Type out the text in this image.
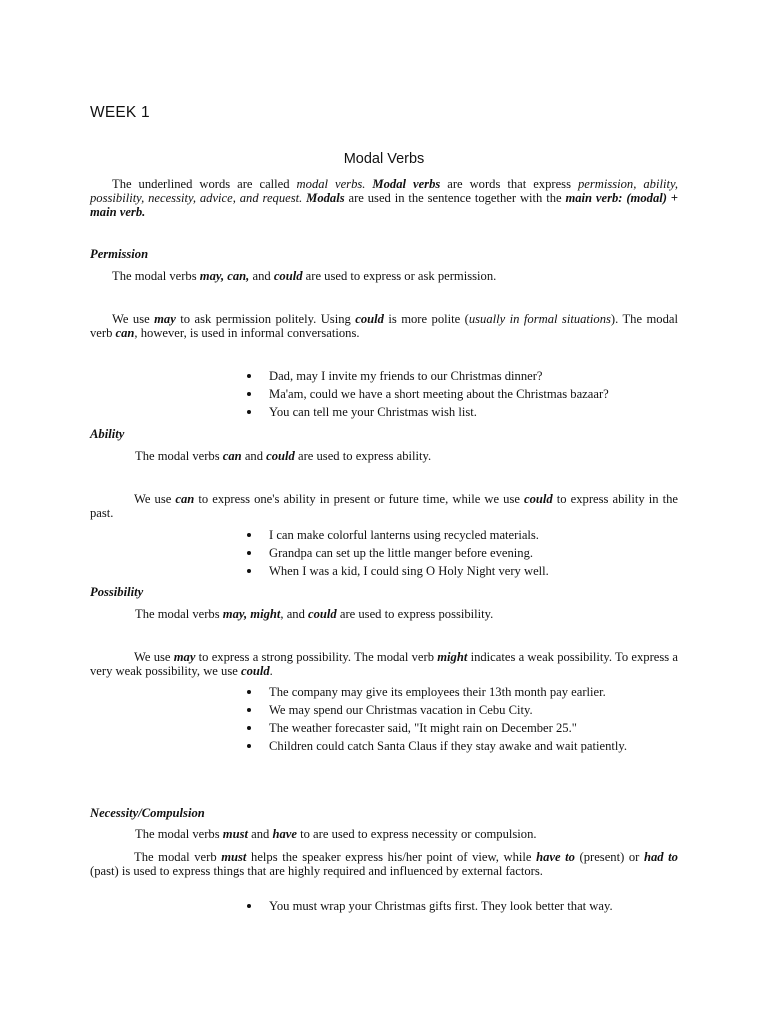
WEEK 1
Modal Verbs

The underlined words are called modal verbs. Modal verbs are words that express permission, ability, possibility, necessity, advice, and request. Modals are used in the sentence together with the main verb: (modal) + main verb.

Permission

The modal verbs may, can, and could are used to express or ask permission.

We use may to ask permission politely. Using could is more polite (usually in formal situations). The modal verb can, however, is used in informal conversations.

Dad, may I invite my friends to our Christmas dinner?
Ma'am, could we have a short meeting about the Christmas bazaar?
You can tell me your Christmas wish list.
Ability

The modal verbs can and could are used to express ability.

We use can to express one's ability in present or future time, while we use could to express ability in the past.

I can make colorful lanterns using recycled materials.
Grandpa can set up the little manger before evening.
When I was a kid, I could sing O Holy Night very well.
Possibility

The modal verbs may, might, and could are used to express possibility.

We use may to express a strong possibility. The modal verb might indicates a weak possibility. To express a very weak possibility, we use could.

The company may give its employees their 13th month pay earlier.
We may spend our Christmas vacation in Cebu City.
The weather forecaster said, "It might rain on December 25."
Children could catch Santa Claus if they stay awake and wait patiently.
Necessity/Compulsion

The modal verbs must and have to are used to express necessity or compulsion.

The modal verb must helps the speaker express his/her point of view, while have to (present) or had to (past) is used to express things that are highly required and influenced by external factors.

You must wrap your Christmas gifts first. They look better that way.
